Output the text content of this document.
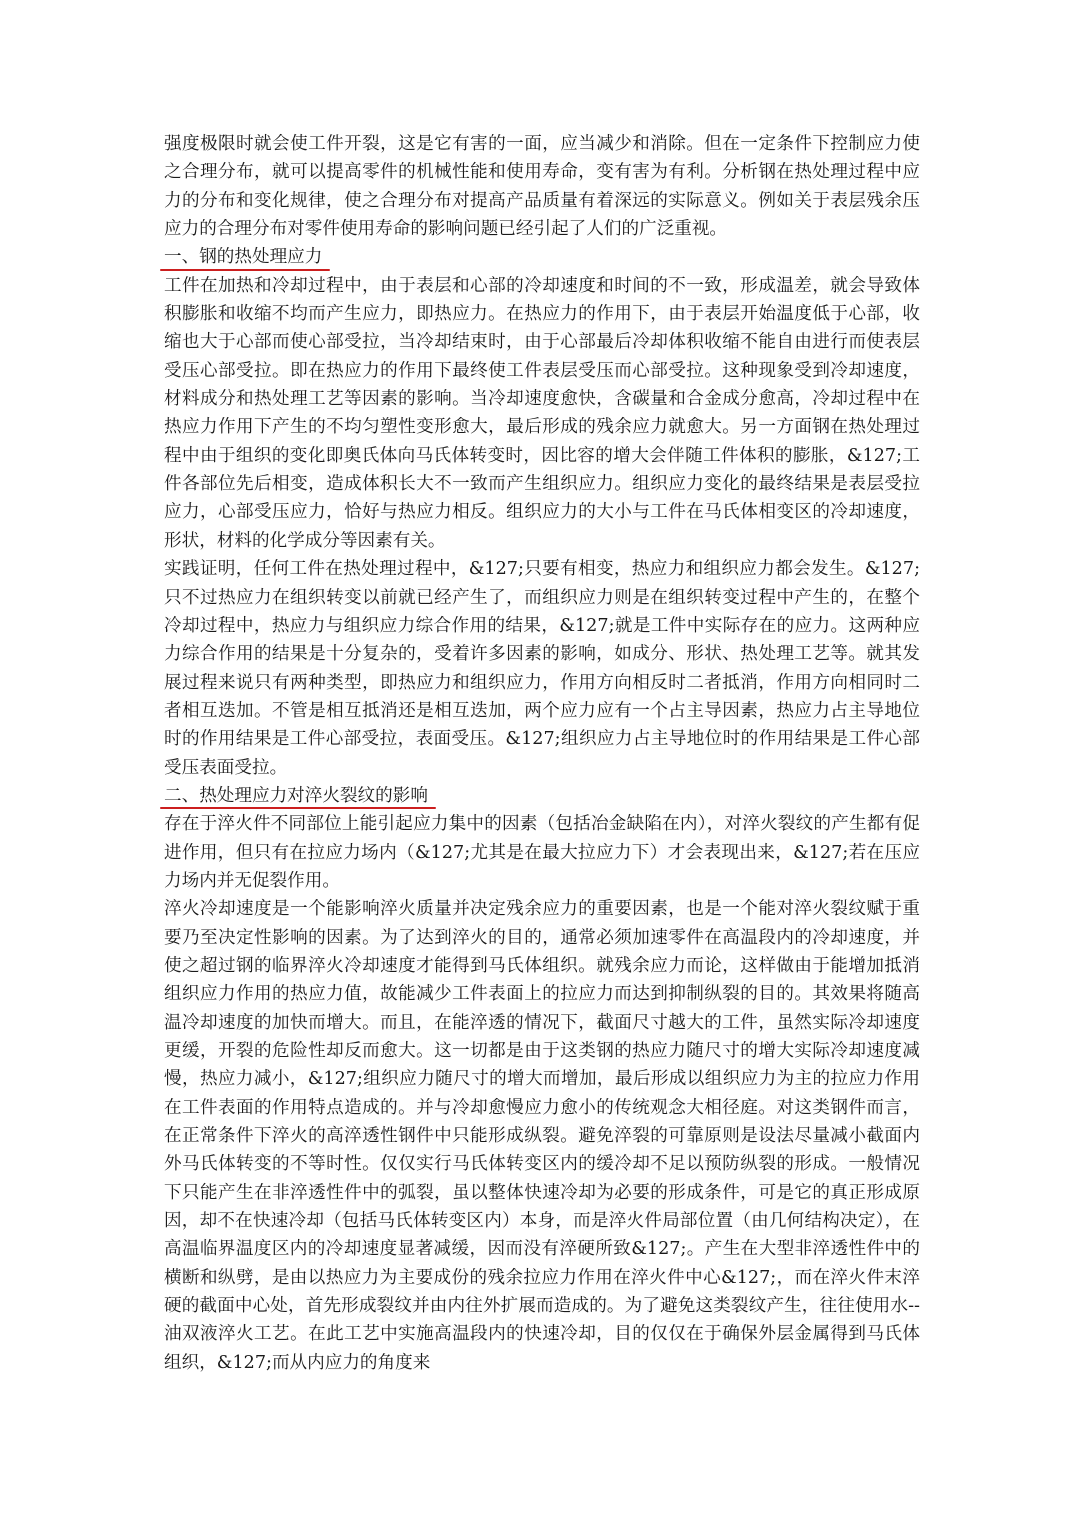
强度极限时就会使工件开裂，这是它有害的一面，应当减少和消除。但在一定条件下控制应力使之合理分布，就可以提高零件的机械性能和使用寿命，变有害为有利。分析钢在热处理过程中应力的分布和变化规律，使之合理分布对提高产品质量有着深远的实际意义。例如关于表层残余压应力的合理分布对零件使用寿命的影响问题已经引起了人们的广泛重视。

一、钢的热处理应力

工件在加热和冷却过程中，由于表层和心部的冷却速度和时间的不一致，形成温差，就会导致体积膨胀和收缩不均而产生应力，即热应力。在热应力的作用下，由于表层开始温度低于心部，收缩也大于心部而使心部受拉，当冷却结束时，由于心部最后冷却体积收缩不能自由进行而使表层受压心部受拉。即在热应力的作用下最终使工件表层受压而心部受拉。这种现象受到冷却速度，材料成分和热处理工艺等因素的影响。当冷却速度愈快，含碳量和合金成分愈高，冷却过程中在热应力作用下产生的不均匀塑性变形愈大，最后形成的残余应力就愈大。另一方面钢在热处理过程中由于组织的变化即奥氏体向马氏体转变时，因比容的增大会伴随工件体积的膨胀，&127;工件各部位先后相变，造成体积长大不一致而产生组织应力。组织应力变化的最终结果是表层受拉应力，心部受压应力，恰好与热应力相反。组织应力的大小与工件在马氏体相变区的冷却速度，形状，材料的化学成分等因素有关。

实践证明，任何工件在热处理过程中，&127;只要有相变，热应力和组织应力都会发生。&127;只不过热应力在组织转变以前就已经产生了，而组织应力则是在组织转变过程中产生的，在整个冷却过程中，热应力与组织应力综合作用的结果，&127;就是工件中实际存在的应力。这两种应力综合作用的结果是十分复杂的，受着许多因素的影响，如成分、形状、热处理工艺等。就其发展过程来说只有两种类型，即热应力和组织应力，作用方向相反时二者抵消，作用方向相同时二者相互迭加。不管是相互抵消还是相互迭加，两个应力应有一个占主导因素，热应力占主导地位时的作用结果是工件心部受拉，表面受压。&127;组织应力占主导地位时的作用结果是工件心部受压表面受拉。

二、热处理应力对淬火裂纹的影响

存在于淬火件不同部位上能引起应力集中的因素（包括冶金缺陷在内），对淬火裂纹的产生都有促进作用，但只有在拉应力场内（&127;尤其是在最大拉应力下）才会表现出来，&127;若在压应力场内并无促裂作用。

淬火冷却速度是一个能影响淬火质量并决定残余应力的重要因素，也是一个能对淬火裂纹赋于重要乃至决定性影响的因素。为了达到淬火的目的，通常必须加速零件在高温段内的冷却速度，并使之超过钢的临界淬火冷却速度才能得到马氏体组织。就残余应力而论，这样做由于能增加抵消组织应力作用的热应力值，故能减少工件表面上的拉应力而达到抑制纵裂的目的。其效果将随高温冷却速度的加快而增大。而且，在能淬透的情况下，截面尺寸越大的工件，虽然实际冷却速度更缓，开裂的危险性却反而愈大。这一切都是由于这类钢的热应力随尺寸的增大实际冷却速度减慢，热应力减小，&127;组织应力随尺寸的增大而增加，最后形成以组织应力为主的拉应力作用在工件表面的作用特点造成的。并与冷却愈慢应力愈小的传统观念大相径庭。对这类钢件而言，在正常条件下淬火的高淬透性钢件中只能形成纵裂。避免淬裂的可靠原则是设法尽量减小截面内外马氏体转变的不等时性。仅仅实行马氏体转变区内的缓冷却不足以预防纵裂的形成。一般情况下只能产生在非淬透性件中的弧裂，虽以整体快速冷却为必要的形成条件，可是它的真正形成原因，却不在快速冷却（包括马氏体转变区内）本身，而是淬火件局部位置（由几何结构决定），在高温临界温度区内的冷却速度显著减缓，因而没有淬硬所致&127;。产生在大型非淬透性件中的横断和纵劈，是由以热应力为主要成份的残余拉应力作用在淬火件中心&127;，而在淬火件末淬硬的截面中心处，首先形成裂纹并由内往外扩展而造成的。为了避免这类裂纹产生，往往使用水--油双液淬火工艺。在此工艺中实施高温段内的快速冷却，目的仅仅在于确保外层金属得到马氏体组织，&127;而从内应力的角度来
